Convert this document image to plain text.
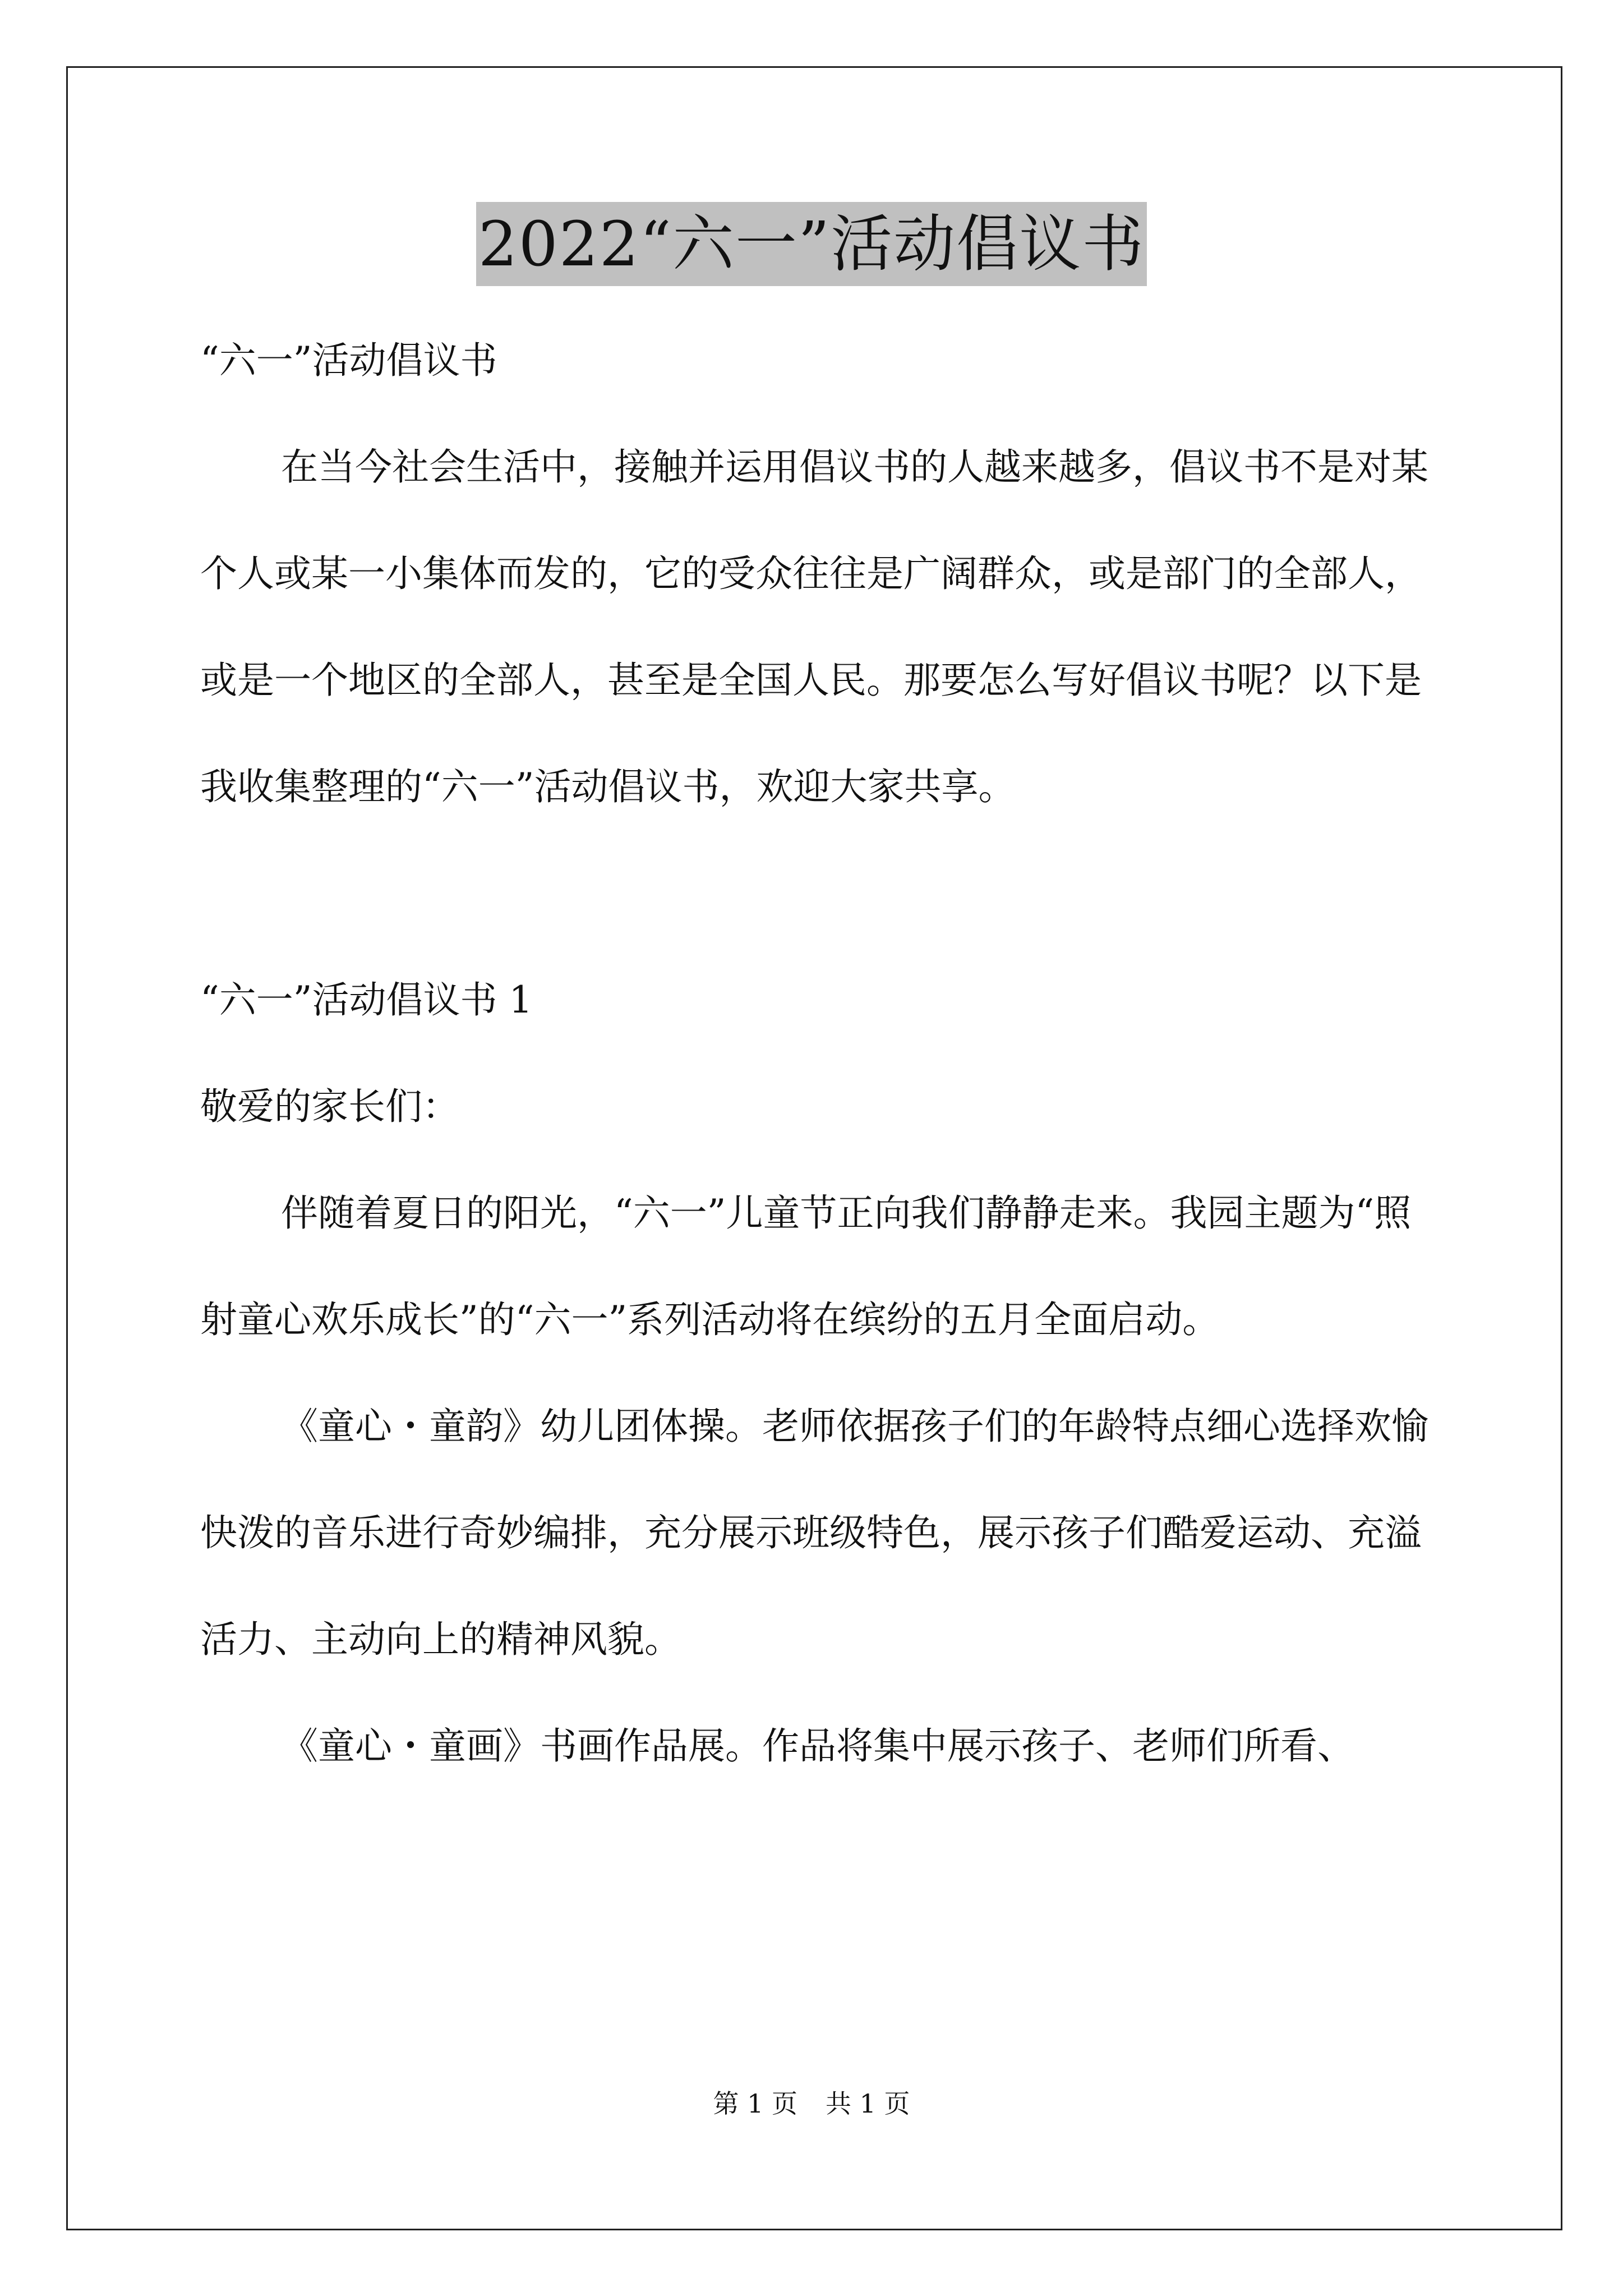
2022“六一”活动倡议书

“六一”活动倡议书

在当今社会生活中，接触并运用倡议书的人越来越多，倡议书不是对某个人或某一小集体而发的，它的受众往往是广阔群众，或是部门的全部人，或是一个地区的全部人，甚至是全国人民。那要怎么写好倡议书呢？以下是我收集整理的“六一”活动倡议书，欢迎大家共享。

“六一”活动倡议书 1

敬爱的家长们：

伴随着夏日的阳光，“六一”儿童节正向我们静静走来。我园主题为“照射童心欢乐成长”的“六一”系列活动将在缤纷的五月全面启动。

《童心・童韵》幼儿团体操。老师依据孩子们的年龄特点细心选择欢愉快泼的音乐进行奇妙编排，充分展示班级特色，展示孩子们酷爱运动、充溢活力、主动向上的精神风貌。

《童心・童画》书画作品展。作品将集中展示孩子、老师们所看、

第 1 页 共 1 页
